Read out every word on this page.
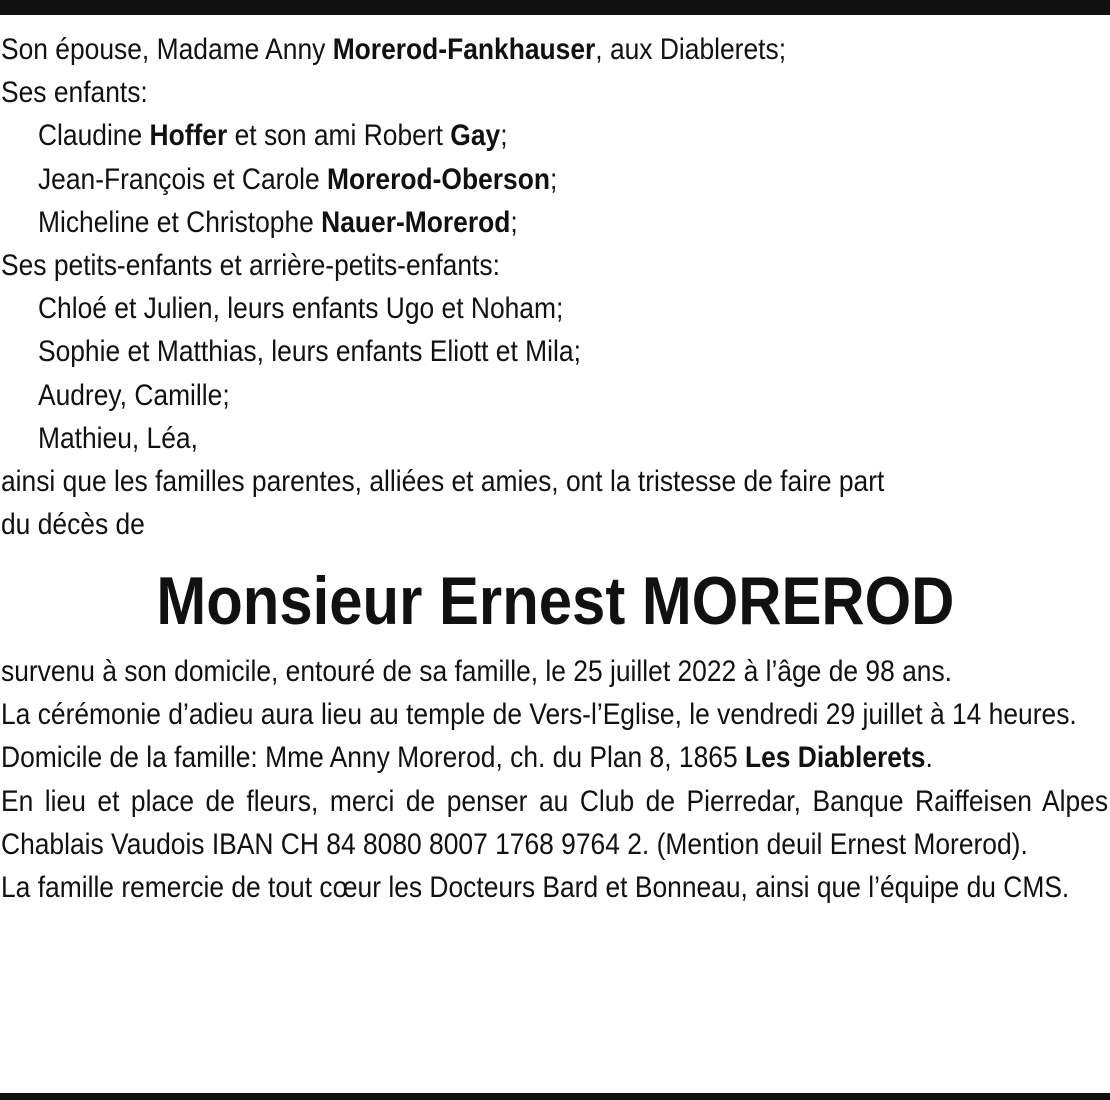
Son épouse, Madame Anny Morerod-Fankhauser, aux Diablerets;
Ses enfants:
Claudine Hoffer et son ami Robert Gay;
Jean-François et Carole Morerod-Oberson;
Micheline et Christophe Nauer-Morerod;
Ses petits-enfants et arrière-petits-enfants:
Chloé et Julien, leurs enfants Ugo et Noham;
Sophie et Matthias, leurs enfants Eliott et Mila;
Audrey, Camille;
Mathieu, Léa,
ainsi que les familles parentes, alliées et amies, ont la tristesse de faire part
du décès de
Monsieur Ernest MOREROD
survenu à son domicile, entouré de sa famille, le 25 juillet 2022 à l’âge de 98 ans.
La cérémonie d’adieu aura lieu au temple de Vers-l’Eglise, le vendredi 29 juillet à 14 heures.
Domicile de la famille: Mme Anny Morerod, ch. du Plan 8, 1865 Les Diablerets.
En lieu et place de fleurs, merci de penser au Club de Pierredar, Banque Raiffeisen Alpes Chablais Vaudois IBAN CH 84 8080 8007 1768 9764 2. (Mention deuil Ernest Morerod).
La famille remercie de tout cœur les Docteurs Bard et Bonneau, ainsi que l’équipe du CMS.
